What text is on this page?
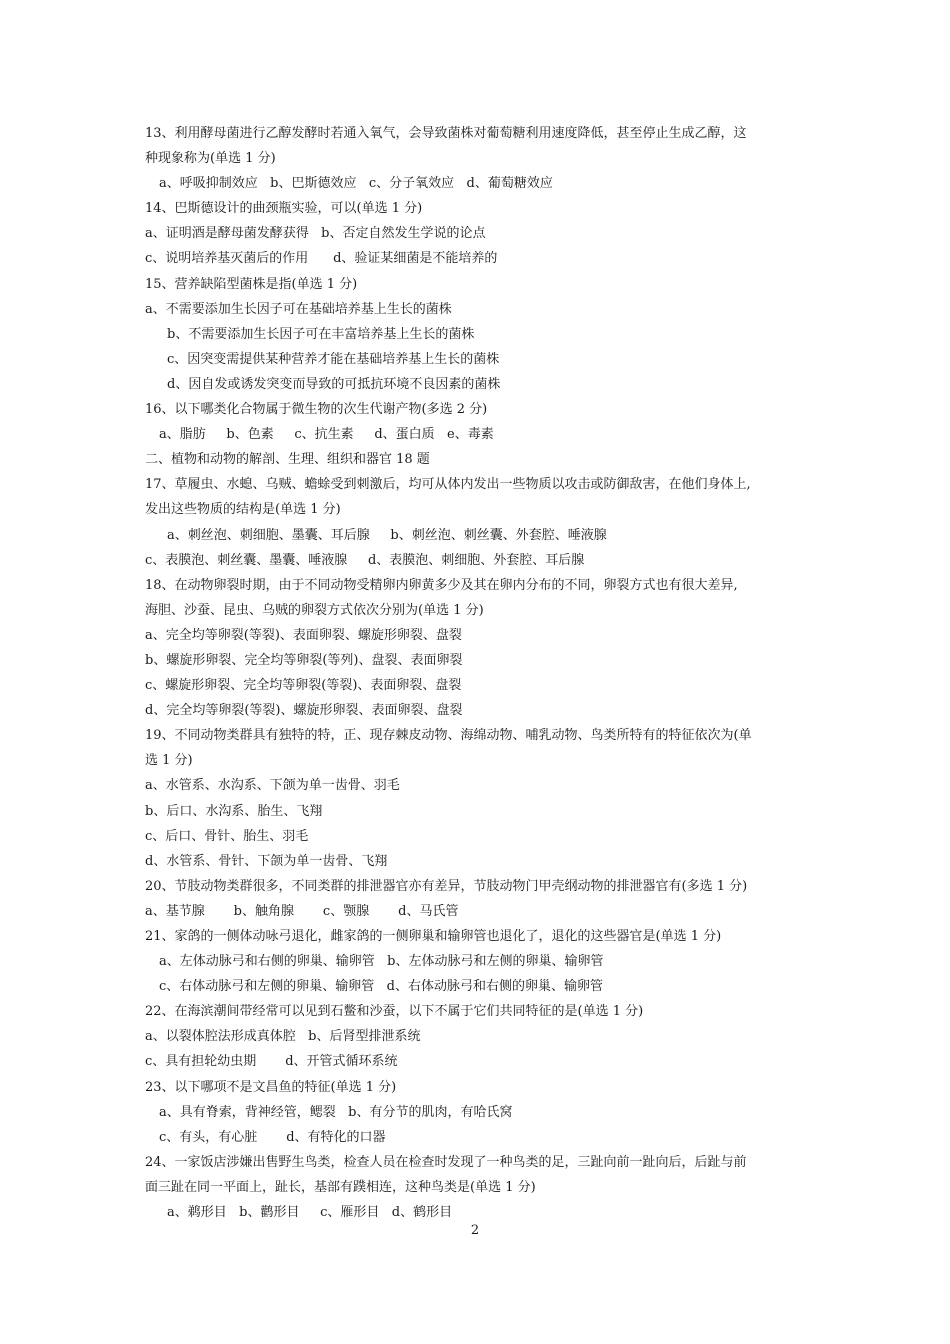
13、利用酵母菌进行乙醇发酵时若通入氧气，会导致菌株对葡萄糖利用速度降低，甚至停止生成乙醇，这
种现象称为(单选 1 分)
a、呼吸抑制效应   b、巴斯德效应   c、分子氧效应   d、葡萄糖效应
14、巴斯德设计的曲颈瓶实验，可以(单选 1 分)
a、证明酒是酵母菌发酵获得   b、否定自然发生学说的论点
c、说明培养基灭菌后的作用      d、验证某细菌是不能培养的
15、营养缺陷型菌株是指(单选 1 分)
a、不需要添加生长因子可在基础培养基上生长的菌株
b、不需要添加生长因子可在丰富培养基上生长的菌株
c、因突变需提供某种营养才能在基础培养基上生长的菌株
d、因自发或诱发突变而导致的可抵抗环境不良因素的菌株
16、以下哪类化合物属于微生物的次生代谢产物(多选 2 分)
a、脂肪     b、色素     c、抗生素     d、蛋白质   e、毒素
二、植物和动物的解剖、生理、组织和器官 18 题
17、草履虫、水螅、乌贼、蟾蜍受到刺激后，均可从体内发出一些物质以攻击或防御敌害，在他们身体上,
发出这些物质的结构是(单选 1 分)
a、刺丝泡、刺细胞、墨囊、耳后腺     b、刺丝泡、刺丝囊、外套腔、唾液腺
c、表膜泡、刺丝囊、墨囊、唾液腺     d、表膜泡、刺细胞、外套腔、耳后腺
18、在动物卵裂时期，由于不同动物受精卵内卵黄多少及其在卵内分布的不同，卵裂方式也有很大差异,
海胆、沙蚕、昆虫、乌贼的卵裂方式依次分别为(单选 1 分)
a、完全均等卵裂(等裂)、表面卵裂、螺旋形卵裂、盘裂
b、螺旋形卵裂、完全均等卵裂(等列)、盘裂、表面卵裂
c、螺旋形卵裂、完全均等卵裂(等裂)、表面卵裂、盘裂
d、完全均等卵裂(等裂)、螺旋形卵裂、表面卵裂、盘裂
19、不同动物类群具有独特的特，正、现存棘皮动物、海绵动物、哺乳动物、鸟类所特有的特征依次为(单
选 1 分)
a、水管系、水沟系、下颌为单一齿骨、羽毛
b、后口、水沟系、胎生、飞翔
c、后口、骨针、胎生、羽毛
d、水管系、骨针、下颌为单一齿骨、飞翔
20、节肢动物类群很多，不同类群的排泄器官亦有差异，节肢动物门甲壳纲动物的排泄器官有(多选 1 分)
a、基节腺       b、触角腺       c、颚腺       d、马氏管
21、家鸽的一侧体动咏弓退化，雌家鸽的一侧卵巢和输卵管也退化了，退化的这些器官是(单选 1 分)
a、左体动脉弓和右侧的卵巢、输卵管   b、左体动脉弓和左侧的卵巢、输卵管
c、右体动脉弓和左侧的卵巢、输卵管   d、右体动脉弓和右侧的卵巢、输卵管
22、在海滨潮间带经常可以见到石鳖和沙蚕，以下不属于它们共同特征的是(单选 1 分)
a、以裂体腔法形成真体腔   b、后肾型排泄系统
c、具有担轮幼虫期       d、开管式循环系统
23、以下哪项不是文昌鱼的特征(单选 1 分)
a、具有脊索，背神经管，鳃裂   b、有分节的肌肉，有哈氏窝
c、有头，有心脏       d、有特化的口器
24、一家饭店涉嫌出售野生鸟类，检查人员在检查时发现了一种鸟类的足，三趾向前一趾向后，后趾与前
面三趾在同一平面上，趾长，基部有蹼相连，这种鸟类是(单选 1 分)
a、鹈形目   b、鹳形目     c、雁形目   d、鹤形目
2
